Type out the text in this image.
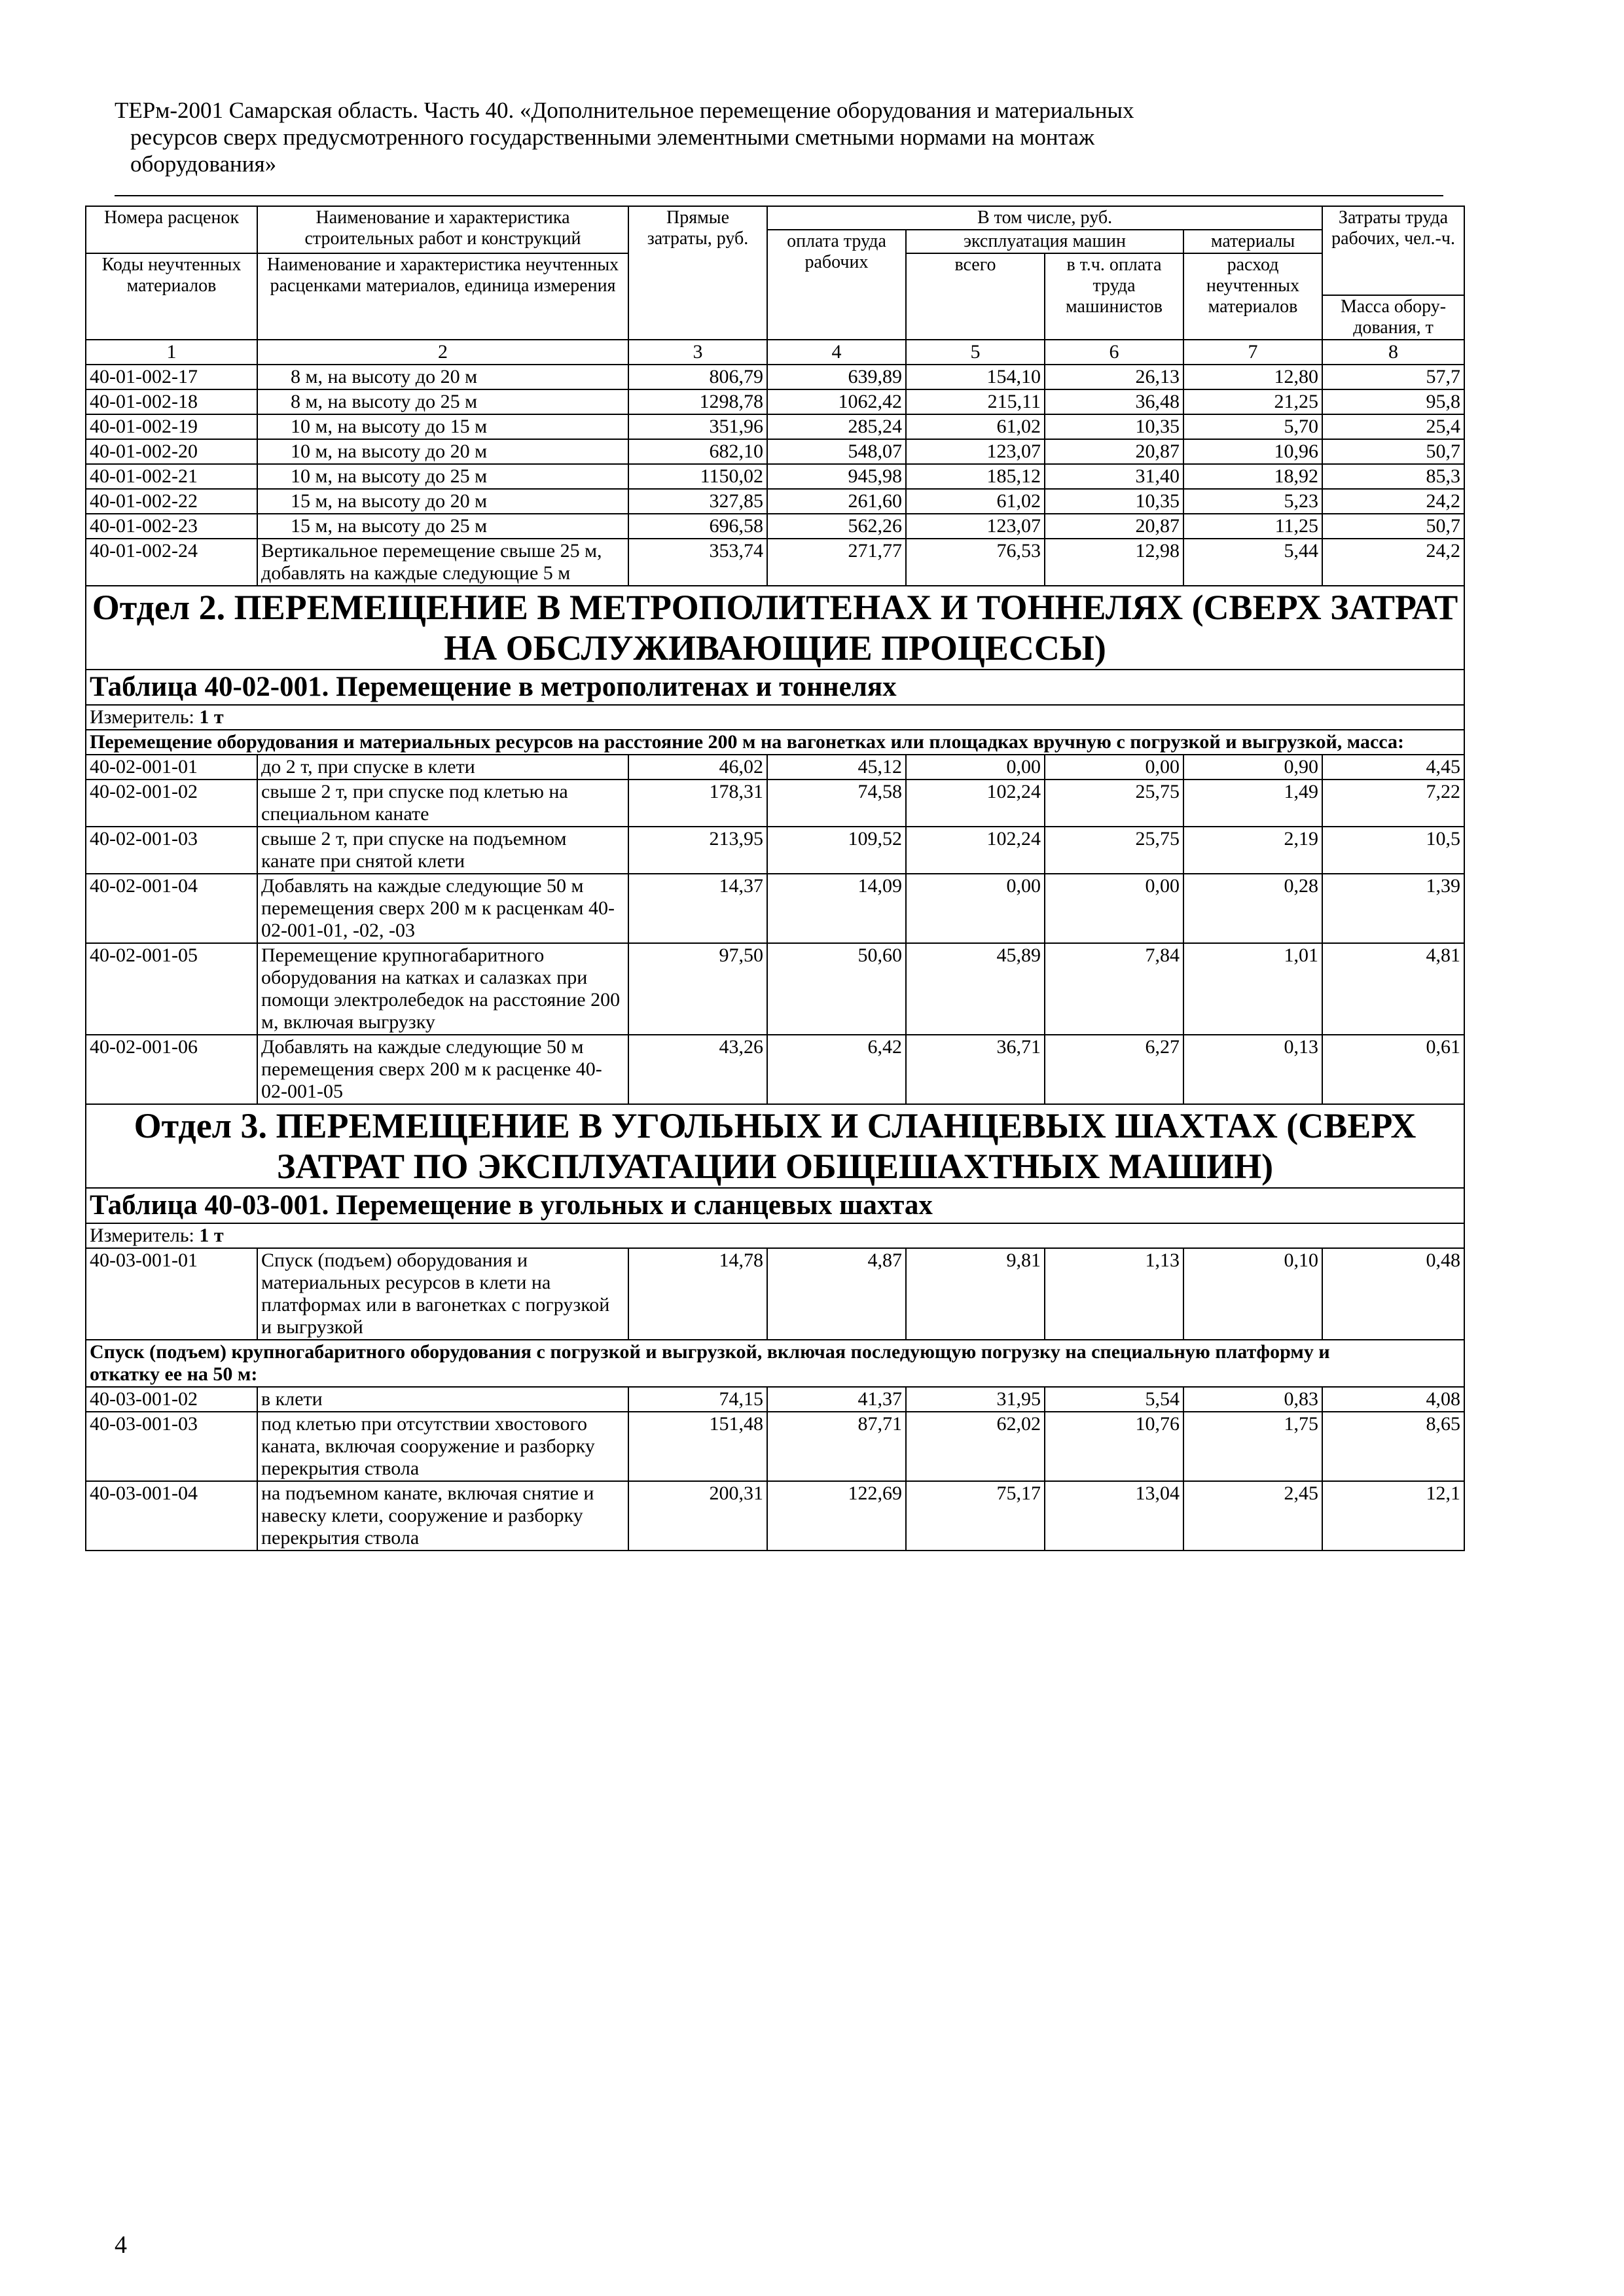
ТЕРм-2001 Самарская область. Часть 40. «Дополнительное перемещение оборудования и материальных
ресурсов сверх предусмотренного государственными элементными сметными нормами на монтаж
оборудования»
Номера расценок	Наименование и характеристика строительных работ и конструкций	Прямые затраты, руб.	В том числе, руб.				Затраты труда рабочих, чел.-ч.
			оплата труда рабочих	эксплуатация машин		материалы	
Коды неучтенных материалов	Наименование и характеристика неучтенных расценками материалов, единица измерения			всего	в т.ч. оплата труда машинистов	расход неучтенных материалов	

							Масса обору-дования, т
1	2	3	4	5	6	7	8
40-01-002-17	8 м, на высоту до 20 м	806,79	639,89	154,10	26,13	12,80	57,7
40-01-002-18	8 м, на высоту до 25 м	1298,78	1062,42	215,11	36,48	21,25	95,8
40-01-002-19	10 м, на высоту до 15 м	351,96	285,24	61,02	10,35	5,70	25,4
40-01-002-20	10 м, на высоту до 20 м	682,10	548,07	123,07	20,87	10,96	50,7
40-01-002-21	10 м, на высоту до 25 м	1150,02	945,98	185,12	31,40	18,92	85,3
40-01-002-22	15 м, на высоту до 20 м	327,85	261,60	61,02	10,35	5,23	24,2
40-01-002-23	15 м, на высоту до 25 м	696,58	562,26	123,07	20,87	11,25	50,7
40-01-002-24	Вертикальное перемещение свыше 25 м, добавлять на каждые следующие 5 м	353,74	271,77	76,53	12,98	5,44	24,2
Отдел 2. ПЕРЕМЕЩЕНИЕ В МЕТРОПОЛИТЕНАХ И ТОННЕЛЯХ (СВЕРХ ЗАТРАТ НА ОБСЛУЖИВАЮЩИЕ ПРОЦЕССЫ)							
Таблица 40-02-001. Перемещение в метрополитенах и тоннелях							
Измеритель: 1 т							
Перемещение оборудования и материальных ресурсов на расстояние 200 м на вагонетках или площадках вручную с погрузкой и выгрузкой, масса:							
40-02-001-01	до 2 т, при спуске в клети	46,02	45,12	0,00	0,00	0,90	4,45
40-02-001-02	свыше 2 т, при спуске под клетью на специальном канате	178,31	74,58	102,24	25,75	1,49	7,22
40-02-001-03	свыше 2 т, при спуске на подъемном канате при снятой клети	213,95	109,52	102,24	25,75	2,19	10,5
40-02-001-04	Добавлять на каждые следующие 50 м перемещения сверх 200 м к расценкам 40-02-001-01, -02, -03	14,37	14,09	0,00	0,00	0,28	1,39
40-02-001-05	Перемещение крупногабаритного оборудования на катках и салазках при помощи электролебедок на расстояние 200 м, включая выгрузку	97,50	50,60	45,89	7,84	1,01	4,81
40-02-001-06	Добавлять на каждые следующие 50 м перемещения сверх 200 м к расценке 40-02-001-05	43,26	6,42	36,71	6,27	0,13	0,61
Отдел 3. ПЕРЕМЕЩЕНИЕ В УГОЛЬНЫХ И СЛАНЦЕВЫХ ШАХТАХ (СВЕРХ ЗАТРАТ ПО ЭКСПЛУАТАЦИИ ОБЩЕШАХТНЫХ МАШИН)							
Таблица 40-03-001. Перемещение в угольных и сланцевых шахтах							
Измеритель: 1 т							
40-03-001-01	Спуск (подъем) оборудования и материальных ресурсов в клети на платформах или в вагонетках с погрузкой и выгрузкой	14,78	4,87	9,81	1,13	0,10	0,48
Спуск (подъем) крупногабаритного оборудования с погрузкой и выгрузкой, включая последующую погрузку на специальную платформу и откатку ее на 50 м:							
40-03-001-02	в клети	74,15	41,37	31,95	5,54	0,83	4,08
40-03-001-03	под клетью при отсутствии хвостового каната, включая сооружение и разборку перекрытия ствола	151,48	87,71	62,02	10,76	1,75	8,65
40-03-001-04	на подъемном канате, включая снятие и навеску клети, сооружение и разборку перекрытия ствола	200,31	122,69	75,17	13,04	2,45	12,1
4
